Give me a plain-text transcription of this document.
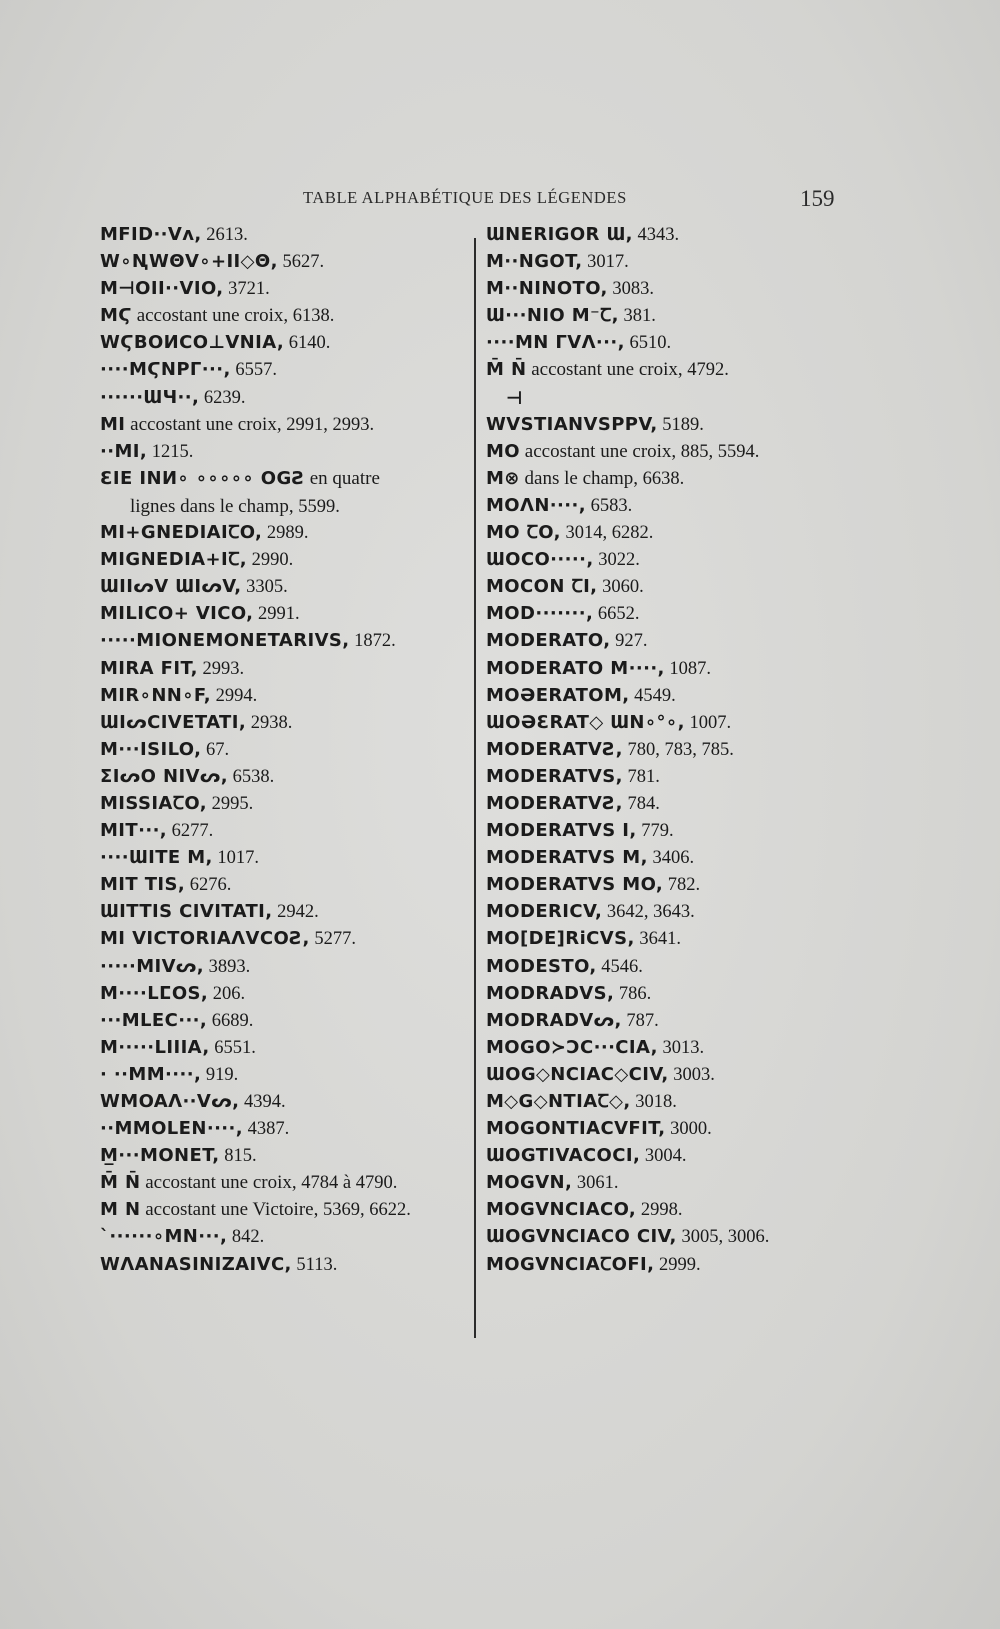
TABLE ALPHABÉTIQUE DES LÉGENDES	159
MFID··Vᴧ, 2613.
W∘ꞐWΘV∘+II◇Θ, 5627.
M⊣OII··VIO, 3721.
MϚ accostant une croix, 6138.
WϚBOИCO⊥VNIA, 6140.
····MϚNPΓ···, 6557.
······ƜЧ··, 6239.
MI accostant une croix, 2991, 2993.
··MI, 1215.
ƐIE INИ∘ ∘∘∘∘∘ OGƧ en quatre
lignes dans le champ, 5599.
MI+GNEDIAIꞆO, 2989.
MIGNEDIA+IꞆ, 2990.
ƜIIᔕV ƜIᔕV, 3305.
MILICO+ VICO, 2991.
·····MIONEMONETARIVS, 1872.
MIRA FIT, 2993.
MIR∘NN∘F, 2994.
ƜIᔕCIVETATI, 2938.
M···ISILO, 67.
ΣIᔕO NIVᔕ, 6538.
MISSIAꞆO, 2995.
MIT···, 6277.
····ƜITE M, 1017.
MIT TIS, 6276.
ƜITTIS CIVITATI, 2942.
MI VICTORIAΛVCOƧ, 5277.
·····MIVᔕ, 3893.
M····LⵎOS, 206.
···MLEC···, 6689.
M·····LIIIA, 6551.
· ··MM····, 919.
WMOAΛ··Vᔕ, 4394.
··MMOLEN····, 4387.
M̲···MONET, 815.
M̄ N̄ accostant une croix, 4784 à 4790.
M N accostant une Victoire, 5369, 6622.
`······∘MN···, 842.
WΛANASINIZAIVC, 5113.
ƜNERIGOR Ɯ, 4343.
M··NGOT, 3017.
M··NINOTO, 3083.
Ɯ···NIO M⁻Ꞇ, 381.
····MN ΓVΛ···, 6510.
M̄ N̄ accostant une croix, 4792.
⊣
WVSTIANVSPPV, 5189.
MO accostant une croix, 885, 5594.
M⊗ dans le champ, 6638.
MOΛN····, 6583.
MO ꞆO, 3014, 6282.
ƜOCO·····, 3022.
MOCON ꞆI, 3060.
MOD·······, 6652.
MODERATO, 927.
MODERATO M····, 1087.
MOƏERATOM, 4549.
ƜOƏƐRAT◇ ƜN∘°∘, 1007.
MODERATVƧ, 780, 783, 785.
MODERATVS, 781.
MODERATVƧ, 784.
MODERATVS I, 779.
MODERATVS M, 3406.
MODERATVS MO, 782.
MODERICV, 3642, 3643.
MO[DE]RiCVS, 3641.
MODESTO, 4546.
MODRADVS, 786.
MODRADVᔕ, 787.
MOGO≻ƆC···CIA, 3013.
ƜOG◇NCIAC◇CIV, 3003.
M◇G◇NTIAꞆ◇, 3018.
MOGONTIACVFIT, 3000.
ƜOGTIVACOCI, 3004.
MOGVN, 3061.
MOGVNCIACO, 2998.
ƜOGVNCIACO CIV, 3005, 3006.
MOGVNCIAꞆOFI, 2999.
